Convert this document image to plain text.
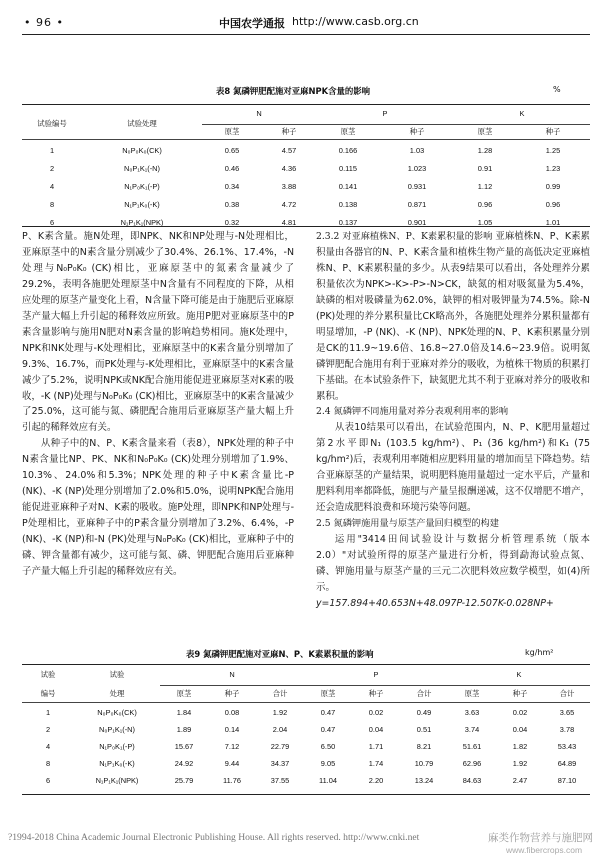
• 96 •	中国农学通报 http://www.casb.org.cn
表8 氮磷钾肥配施对亚麻NPK含量的影响	%
		N		P		K	
试验编号	试验处理	原茎	种子	原茎	种子	原茎	种子

1	N₀P₀K₀(CK)	0.65	4.57	0.166	1.03	1.28	1.25
2	N₀P₁K₁(-N)	0.46	4.36	0.115	1.023	0.91	1.23
4	N₁P₀K₁(-P)	0.34	3.88	0.141	0.931	1.12	0.99
8	N₁P₁K₀(-K)	0.38	4.72	0.138	0.871	0.96	0.96
6	N₁P₁K₁(NPK)	0.32	4.81	0.137	0.901	1.05	1.01

P、K素含量。施N处理，即NPK、NK和NP处理与-N处理相比，亚麻原茎中的N素含量分别减少了30.4%、26.1%、17.4%，-N处理与N₀P₀K₀ (CK)相比，亚麻原茎中的氮素含量减少了29.2%，表明各施肥处理原茎中N含量有不同程度的下降，从相应处理的原茎产量变化上看，N含量下降可能是由于施肥后亚麻原茎产量大幅上升引起的稀释效应所致。施用P肥对亚麻原茎中的P素含量影响与施用N肥对N素含量的影响趋势相同。施K处理中，NPK和NK处理与-K处理相比，亚麻原茎中的K素含量分别增加了9.3%、16.7%，而PK处理与-K处理相比，亚麻原茎中的K素含量减少了5.2%，说明NPK或NK配合施用能促进亚麻原茎对K素的吸收，-K (NP)处理与N₀P₀K₀ (CK)相比，亚麻原茎中的K素含量减少了25.0%，这可能与氮、磷肥配合施用后亚麻原茎产量大幅上升引起的稀释效应有关。

从种子中的N、P、K素含量来看（表8），NPK处理的种子中N素含量比NP、PK、NK和N₀P₀K₀ (CK)处理分别增加了1.9%、10.3%、24.0%和5.3%；NPK处理的种子中K素含量比-P (NK)、-K (NP)处理分别增加了2.0%和5.0%，说明NPK配合施用能促进亚麻种子对N、K素的吸收。施P处理，即NPK和NP处理与-P处理相比，亚麻种子中的P素含量分别增加了3.2%、6.4%，-P (NK)、-K (NP)和-N (PK)处理与N₀P₀K₀ (CK)相比，亚麻种子中的磷、钾含量都有减少，这可能与氮、磷、钾肥配合施用后亚麻种子产量大幅上升引起的稀释效应有关。

2.3.2 对亚麻植株N、P、K素累积量的影响 亚麻植株N、P、K素累积量由各器官的N、P、K素含量和植株生物产量的高低决定亚麻植株N、P、K素累积量的多少。从表9结果可以看出，各处理养分累积量依次为NPK>-K>-P>-N>CK，缺氮的相对吸氮量为5.4%，缺磷的相对吸磷量为62.0%，缺钾的相对吸钾量为74.5%。除-N (PK)处理的养分累积量比CK略高外，各施肥处理养分累积量都有明显增加，-P (NK)、-K (NP)、NPK处理的N、P、K素积累量分别是CK的11.9~19.6倍、16.8~27.0倍及14.6~23.9倍。说明氮磷钾肥配合施用有利于亚麻对养分的吸收，为植株干物质的积累打下基础。在本试验条件下，缺氮肥尤其不利于亚麻对养分的吸收和累积。

2.4 氮磷钾不同施用量对养分表观利用率的影响

从表10结果可以看出，在试验范围内，N、P、K肥用量超过第2水平即N₁ (103.5 kg/hm²)、P₁ (36 kg/hm²)和K₁ (75 kg/hm²)后，表观利用率随相应肥料用量的增加而呈下降趋势。结合亚麻原茎的产量结果，说明肥料施用量超过一定水平后，产量和肥料利用率都降低，施肥与产量呈报酬递减，这不仅增肥不增产，还会造成肥料浪费和环境污染等问题。

2.5 氮磷钾施用量与原茎产量回归模型的构建

运用"3414田间试验设计与数据分析管理系统（版本2.0）"对试验所得的原茎产量进行分析，得到勐海试验点氮、磷、钾施用量与原茎产量的三元二次肥料效应数学模型，如(4)所示。

y=157.894+40.653N+48.097P-12.507K-0.028NP+

表9 氮磷钾肥配施对亚麻N、P、K素累积量的影响	kg/hm²
试验	试验	N			P			K		
编号	处理	原茎	种子	合计	原茎	种子	合计	原茎	种子	合计

1	N₀P₀K₀(CK)	1.84	0.08	1.92	0.47	0.02	0.49	3.63	0.02	3.65
2	N₀P₁K₁(-N)	1.89	0.14	2.04	0.47	0.04	0.51	3.74	0.04	3.78
4	N₁P₀K₁(-P)	15.67	7.12	22.79	6.50	1.71	8.21	51.61	1.82	53.43
8	N₁P₁K₀(-K)	24.92	9.44	34.37	9.05	1.74	10.79	62.96	1.92	64.89
6	N₁P₁K₁(NPK)	25.79	11.76	37.55	11.04	2.20	13.24	84.63	2.47	87.10
?1994-2018 China Academic Journal Electronic Publishing House. All rights reserved. http://www.cnki.net	麻类作物营养与施肥网
www.fibercrops.com
